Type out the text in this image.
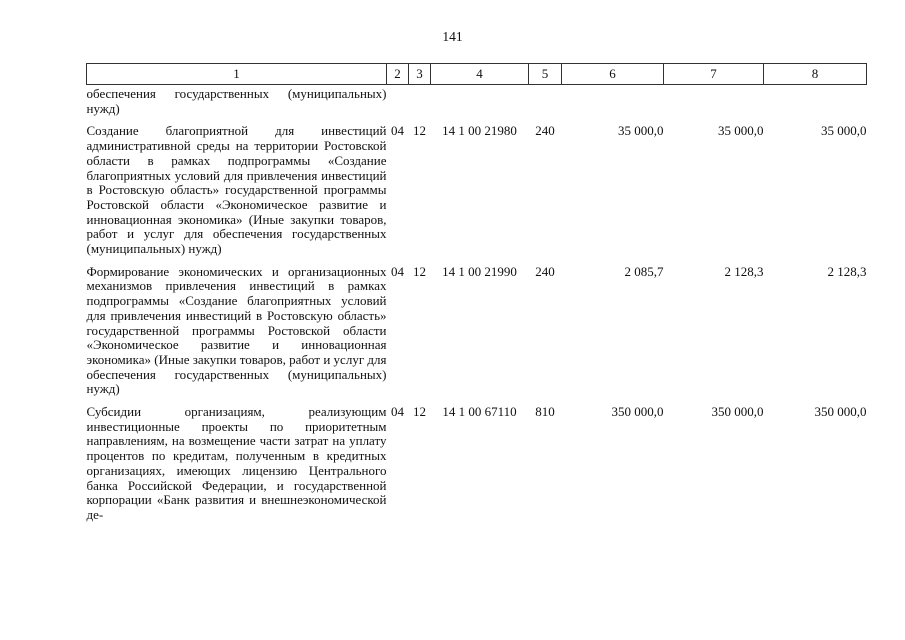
141
1	2	3	4	5	6	7	8
обеспечения государственных (муниципальных) нужд)							
Создание благоприятной для инвестиций административной среды на территории Ростовской области в рамках подпрограммы «Создание благоприятных условий для привлечения инвестиций в Ростовскую область» государственной программы Ростовской области «Экономическое развитие и инновационная экономика» (Иные закупки товаров, работ и услуг для обеспечения государственных (муниципальных) нужд)	04	12	14 1 00 21980	240	35 000,0	35 000,0	35 000,0
Формирование экономических и организационных механизмов привлечения инвестиций в рамках подпрограммы «Создание благоприятных условий для привлечения инвестиций в Ростовскую область» государственной программы Ростовской области «Экономическое развитие и инновационная экономика» (Иные закупки товаров, работ и услуг для обеспечения государственных (муниципальных) нужд)	04	12	14 1 00 21990	240	2 085,7	2 128,3	2 128,3
Субсидии организациям, реализующим инвестиционные проекты по приоритетным направлениям, на возмещение части затрат на уплату процентов по кредитам, полученным в кредитных организациях, имеющих лицензию Центрального банка Российской Федерации, и государственной корпорации «Банк развития и внешнеэкономической де-	04	12	14 1 00 67110	810	350 000,0	350 000,0	350 000,0
